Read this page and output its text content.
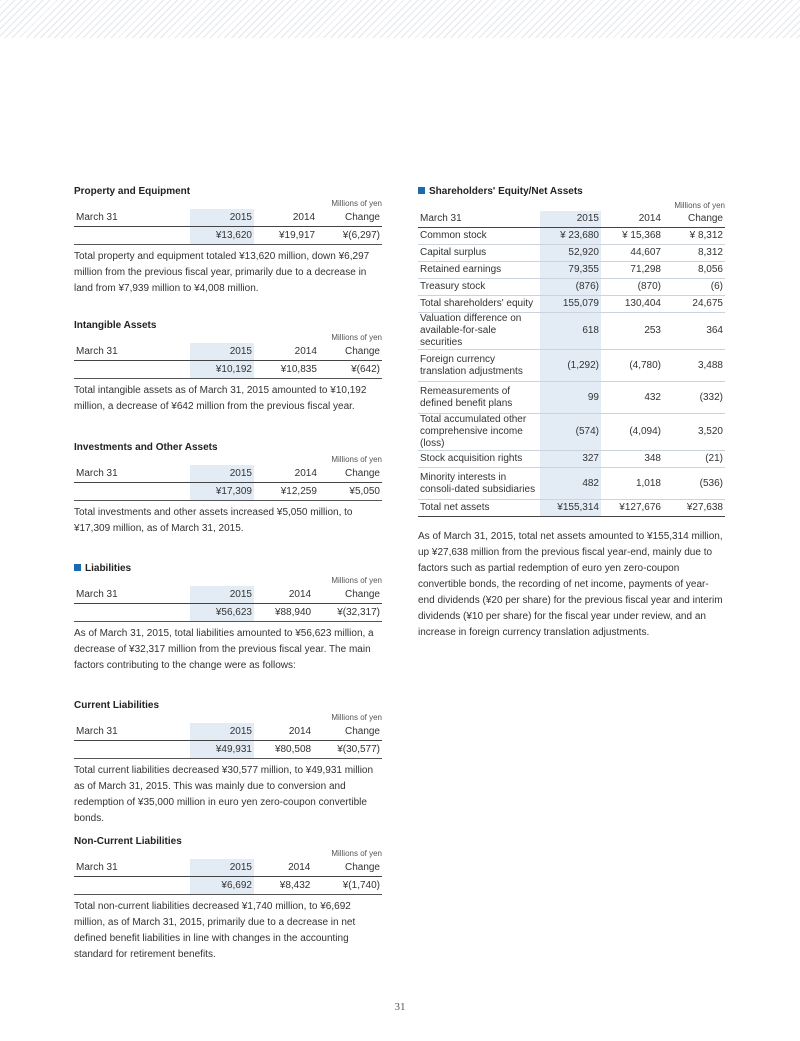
Property and Equipment
Millions of yen
March 31	2015	2014	Change
	¥13,620	¥19,917	¥(6,297)
Total property and equipment totaled ¥13,620 million, down ¥6,297 million from the previous fiscal year, primarily due to a decrease in land from ¥7,939 million to ¥4,008 million.
Intangible Assets
Millions of yen
March 31	2015	2014	Change
	¥10,192	¥10,835	¥(642)
Total intangible assets as of March 31, 2015 amounted to ¥10,192 million, a decrease of ¥642 million from the previous fiscal year.
Investments and Other Assets
Millions of yen
March 31	2015	2014	Change
	¥17,309	¥12,259	¥5,050
Total investments and other assets increased ¥5,050 million, to ¥17,309 million, as of March 31, 2015.
Liabilities
Millions of yen
March 31	2015	2014	Change
	¥56,623	¥88,940	¥(32,317)
As of March 31, 2015, total liabilities amounted to ¥56,623 million, a decrease of ¥32,317 million from the previous fiscal year. The main factors contributing to the change were as follows:
Current Liabilities
Millions of yen
March 31	2015	2014	Change
	¥49,931	¥80,508	¥(30,577)
Total current liabilities decreased ¥30,577 million, to ¥49,931 million as of March 31, 2015. This was mainly due to conversion and redemption of ¥35,000 million in euro yen zero-coupon convertible bonds.
Non-Current Liabilities
Millions of yen
March 31	2015	2014	Change
	¥6,692	¥8,432	¥(1,740)
Total non-current liabilities decreased ¥1,740 million, to ¥6,692 million, as of March 31, 2015, primarily due to a decrease in net defined benefit liabilities in line with changes in the accounting standard for retirement benefits.
Shareholders' Equity/Net Assets
Millions of yen
March 31	2015	2014	Change
Common stock	¥ 23,680	¥ 15,368	¥ 8,312
Capital surplus	52,920	44,607	8,312
Retained earnings	79,355	71,298	8,056
Treasury stock	(876)	(870)	(6)
Total shareholders' equity	155,079	130,404	24,675
Valuation difference on available-for-sale securities	618	253	364
Foreign currency translation adjustments	(1,292)	(4,780)	3,488
Remeasurements of defined benefit plans	99	432	(332)
Total accumulated other comprehensive income (loss)	(574)	(4,094)	3,520
Stock acquisition rights	327	348	(21)
Minority interests in consoli-dated subsidiaries	482	1,018	(536)
Total net assets	¥155,314	¥127,676	¥27,638
As of March 31, 2015, total net assets amounted to ¥155,314 million, up ¥27,638 million from the previous fiscal year-end, mainly due to factors such as partial redemption of euro yen zero-coupon convertible bonds, the recording of net income, payments of year-end dividends (¥20 per share) for the previous fiscal year and interim dividends (¥10 per share) for the fiscal year under review, and an increase in foreign currency translation adjustments.
31
